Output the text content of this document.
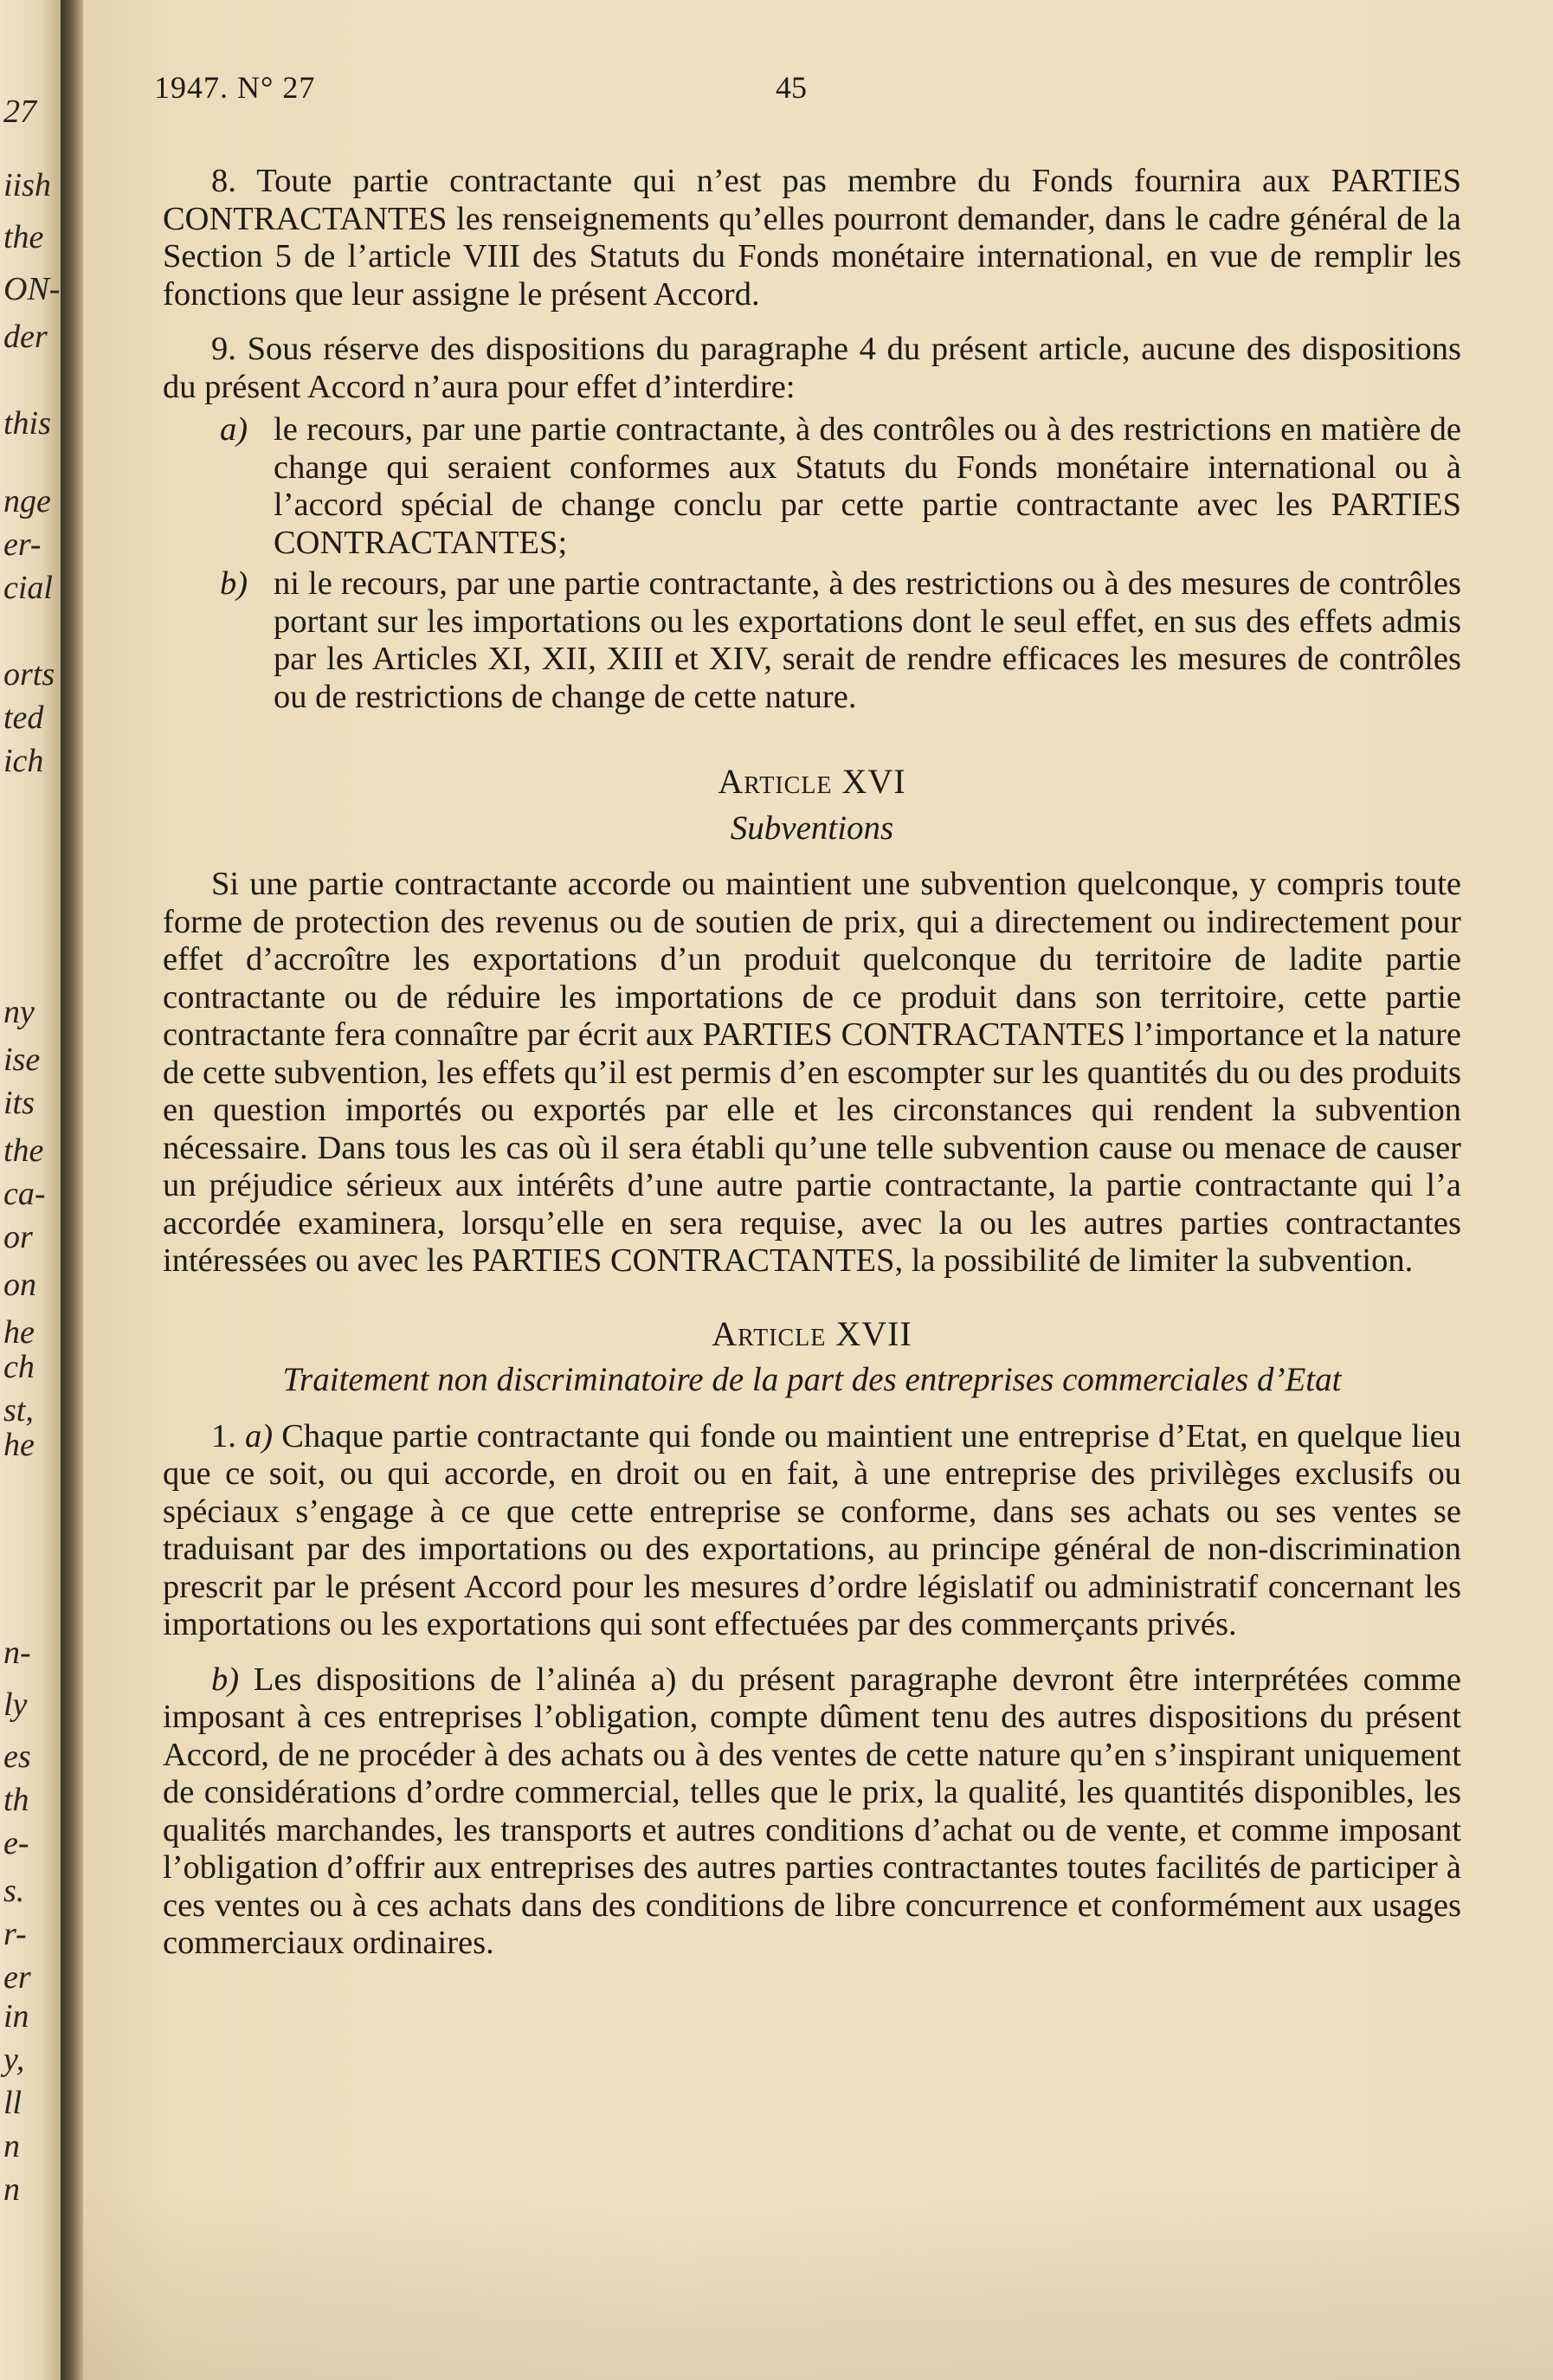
27
iish
the
ON-
der
this
nge
er-
cial
orts
ted
ich
ny
ise
its
the
ca-
or
on
he
ch
st,
he
n-
ly
es
th
e-
s.
r-
er
in
y,
ll
n
n
1947. N° 27	45

8. Toute partie contractante qui n’est pas membre du Fonds fournira aux PARTIES CONTRACTANTES les renseignements qu’elles pourront demander, dans le cadre général de la Section 5 de l’article VIII des Statuts du Fonds monétaire international, en vue de remplir les fonctions que leur assigne le présent Accord.

9. Sous réserve des dispositions du paragraphe 4 du présent article, aucune des dispositions du présent Accord n’aura pour effet d’interdire:

a) le recours, par une partie contractante, à des contrôles ou à des restrictions en matière de change qui seraient conformes aux Statuts du Fonds monétaire international ou à l’accord spécial de change conclu par cette partie contractante avec les PARTIES CONTRACTANTES;
b) ni le recours, par une partie contractante, à des restrictions ou à des mesures de contrôles portant sur les importations ou les exportations dont le seul effet, en sus des effets admis par les Articles XI, XII, XIII et XIV, serait de rendre efficaces les mesures de contrôles ou de restrictions de change de cette nature.
Article XVI
Subventions

Si une partie contractante accorde ou maintient une subvention quelconque, y compris toute forme de protection des revenus ou de soutien de prix, qui a directement ou indirectement pour effet d’accroître les exportations d’un produit quelconque du territoire de ladite partie contractante ou de réduire les importations de ce produit dans son territoire, cette partie contractante fera connaître par écrit aux PARTIES CONTRACTANTES l’importance et la nature de cette subvention, les effets qu’il est permis d’en escompter sur les quantités du ou des produits en question importés ou exportés par elle et les circonstances qui rendent la subvention nécessaire. Dans tous les cas où il sera établi qu’une telle subvention cause ou menace de causer un préjudice sérieux aux intérêts d’une autre partie contractante, la partie contractante qui l’a accordée examinera, lorsqu’elle en sera requise, avec la ou les autres parties contractantes intéressées ou avec les PARTIES CONTRACTANTES, la possibilité de limiter la subvention.

Article XVII
Traitement non discriminatoire de la part des entreprises commerciales d’Etat

1. a) Chaque partie contractante qui fonde ou maintient une entreprise d’Etat, en quelque lieu que ce soit, ou qui accorde, en droit ou en fait, à une entreprise des privilèges exclusifs ou spéciaux s’engage à ce que cette entreprise se conforme, dans ses achats ou ses ventes se traduisant par des importations ou des exportations, au principe général de non-discrimination prescrit par le présent Accord pour les mesures d’ordre législatif ou administratif concernant les importations ou les exportations qui sont effectuées par des commerçants privés.

b) Les dispositions de l’alinéa a) du présent paragraphe devront être interprétées comme imposant à ces entreprises l’obligation, compte dûment tenu des autres dispositions du présent Accord, de ne procéder à des achats ou à des ventes de cette nature qu’en s’inspirant uniquement de considérations d’ordre commercial, telles que le prix, la qualité, les quantités disponibles, les qualités marchandes, les transports et autres conditions d’achat ou de vente, et comme imposant l’obligation d’offrir aux entreprises des autres parties contractantes toutes facilités de participer à ces ventes ou à ces achats dans des conditions de libre concurrence et conformément aux usages commerciaux ordinaires.
